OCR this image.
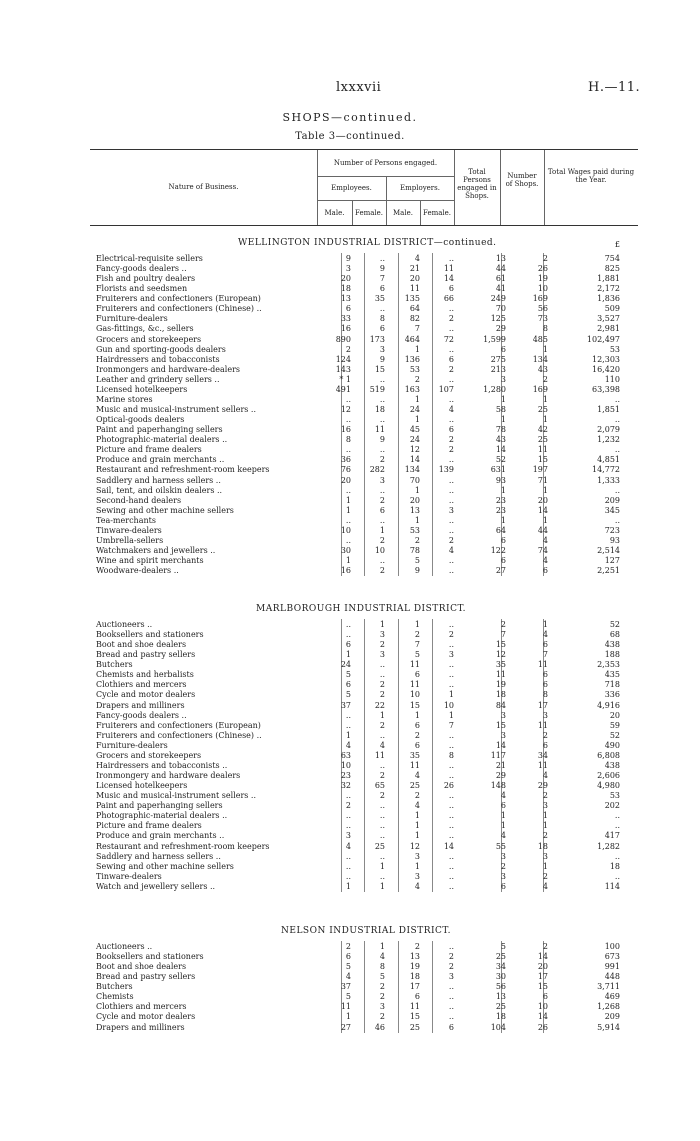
lxxxvii	H.—11.
SHOPS—continued.
Table 3—continued.
Nature of Business.
Number of Persons engaged.
Employees.	Employers.
Male.	Female.	Male.	Female.
Total Persons engaged in Shops.
Number of Shops.
Total Wages paid during the Year.
WELLINGTON INDUSTRIAL DISTRICT—continued.	£
Electrical-requisite sellers	9	..	4	..	13	2	754
Fancy-goods dealers ..	3	9	21	11	44	26	825
Fish and poultry dealers	20	7	20	14	61	19	1,881
Florists and seedsmen	18	6	11	6	41	10	2,172
Fruiterers and confectioners (European)	13	35	135	66	249	169	1,836
Fruiterers and confectioners (Chinese) ..	6	..	64	..	70	56	509
Furniture-dealers	33	8	82	2	125	73	3,527
Gas-fittings, &c., sellers	16	6	7	..	29	8	2,981
Grocers and storekeepers	890	173	464	72	1,599	485	102,497
Gun and sporting-goods dealers	2	3	1	..	6	1	53
Hairdressers and tobacconists	124	9	136	6	275	134	12,303
Ironmongers and hardware-dealers	143	15	53	2	213	43	16,420
Leather and grindery sellers ..	* 1	..	2	..	3	2	110
Licensed hotelkeepers	491	519	163	107	1,280	169	63,398
Marine stores	..	..	1	..	1	1	..
Music and musical-instrument sellers ..	12	18	24	4	58	25	1,851
Optical-goods dealers	..	..	1	..	1	1	..
Paint and paperhanging sellers	16	11	45	6	78	42	2,079
Photographic-material dealers ..	8	9	24	2	43	25	1,232
Picture and frame dealers	..	..	12	2	14	11	..
Produce and grain merchants ..	36	2	14	..	52	15	4,851
Restaurant and refreshment-room keepers	76	282	134	139	631	197	14,772
Saddlery and harness sellers ..	20	3	70	..	93	71	1,333
Sail, tent, and oilskin dealers ..	..	..	1	..	1	1	..
Second-hand dealers	1	2	20	..	23	20	209
Sewing and other machine sellers	1	6	13	3	23	14	345
Tea-merchants	..	..	1	..	1	1	..
Tinware-dealers	10	1	53	..	64	44	723
Umbrella-sellers	..	2	2	2	6	4	93
Watchmakers and jewellers ..	30	10	78	4	122	74	2,514
Wine and spirit merchants	1	..	5	..	6	4	127
Woodware-dealers ..	16	2	9	..	27	6	2,251
MARLBOROUGH INDUSTRIAL DISTRICT.
Auctioneers ..	..	1	1	..	2	1	52
Booksellers and stationers	..	3	2	2	7	4	68
Boot and shoe dealers	6	2	7	..	15	6	438
Bread and pastry sellers	1	3	5	3	12	7	188
Butchers	24	..	11	..	35	11	2,353
Chemists and herbalists	5	..	6	..	11	6	435
Clothiers and mercers	6	2	11	..	19	6	718
Cycle and motor dealers	5	2	10	1	18	8	336
Drapers and milliners	37	22	15	10	84	17	4,916
Fancy-goods dealers ..	..	1	1	1	3	3	20
Fruiterers and confectioners (European)	..	2	6	7	15	11	59
Fruiterers and confectioners (Chinese) ..	1	..	2	..	3	2	52
Furniture-dealers	4	4	6	..	14	6	490
Grocers and storekeepers	63	11	35	8	117	34	6,808
Hairdressers and tobacconists ..	10	..	11	..	21	11	438
Ironmongery and hardware dealers	23	2	4	..	29	4	2,606
Licensed hotelkeepers	32	65	25	26	148	29	4,980
Music and musical-instrument sellers ..	..	2	2	..	4	2	53
Paint and paperhanging sellers	2	..	4	..	6	3	202
Photographic-material dealers ..	..	..	1	..	1	1	..
Picture and frame dealers	..	..	1	..	1	1	..
Produce and grain merchants ..	3	..	1	..	4	2	417
Restaurant and refreshment-room keepers	4	25	12	14	55	18	1,282
Saddlery and harness sellers ..	..	..	3	..	3	3	..
Sewing and other machine sellers	..	1	1	..	2	1	18
Tinware-dealers	..	..	3	..	3	2	..
Watch and jewellery sellers ..	1	1	4	..	6	4	114
NELSON INDUSTRIAL DISTRICT.
Auctioneers ..	2	1	2	..	5	2	100
Booksellers and stationers	6	4	13	2	25	14	673
Boot and shoe dealers	5	8	19	2	34	20	991
Bread and pastry sellers	4	5	18	3	30	17	448
Butchers	37	2	17	..	56	15	3,711
Chemists	5	2	6	..	13	6	469
Clothiers and mercers	11	3	11	..	25	10	1,268
Cycle and motor dealers	1	2	15	..	18	14	209
Drapers and milliners	27	46	25	6	104	26	5,914
